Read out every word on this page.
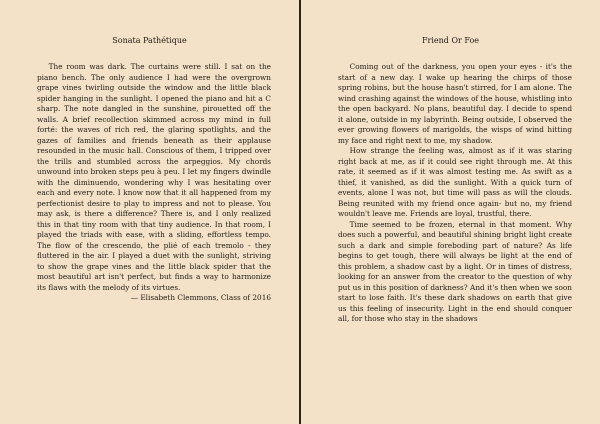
Sonata Pathétique

The room was dark. The curtains were still. I sat on the piano bench. The only audience I had were the overgrown grape vines twirling outside the window and the little black spider hanging in the sunlight. I opened the piano and hit a C sharp. The note dangled in the sunshine, pirouetted off the walls. A brief recollection skimmed across my mind in full forté: the waves of rich red, the glaring spotlights, and the gazes of families and friends beneath as their applause resounded in the music hall. Conscious of them, I tripped over the trills and stumbled across the arpeggios. My chords unwound into broken steps peu à peu. I let my fingers dwindle with the diminuendo, wondering why I was hesitating over each and every note. I know now that it all happened from my perfectionist desire to play to impress and not to please. You may ask, is there a difference? There is, and I only realized this in that tiny room with that tiny audience. In that room, I played the triads with ease, with a sliding, effortless tempo. The flow of the crescendo, the plié of each tremolo - they fluttered in the air. I played a duet with the sunlight, striving to show the grape vines and the little black spider that the most beautiful art isn't perfect, but finds a way to harmonize its flaws with the melody of its virtues.

— Elisabeth Clemmons, Class of 2016

Friend Or Foe

Coming out of the darkness, you open your eyes - it's the start of a new day. I wake up hearing the chirps of those spring robins, but the house hasn't stirred, for I am alone. The wind crashing against the windows of the house, whistling into the open backyard. No plans, beautiful day. I decide to spend it alone, outside in my labyrinth. Being outside, I observed the ever growing flowers of marigolds, the wisps of wind hitting my face and right next to me, my shadow.

How strange the feeling was, almost as if it was staring right back at me, as if it could see right through me. At this rate, it seemed as if it was almost testing me. As swift as a thief, it vanished, as did the sunlight. With a quick turn of events, alone I was not, but time will pass as will the clouds. Being reunited with my friend once again- but no, my friend wouldn't leave me. Friends are loyal, trustful, there.

Time seemed to be frozen, eternal in that moment. Why does such a powerful, and beautiful shining bright light create such a dark and simple foreboding part of nature? As life begins to get tough, there will always be light at the end of this problem, a shadow cast by a light. Or in times of distress, looking for an answer from the creator to the question of why put us in this position of darkness? And it's then when we soon start to lose faith. It's these dark shadows on earth that give us this feeling of insecurity. Light in the end should conquer all, for those who stay in the shadows
